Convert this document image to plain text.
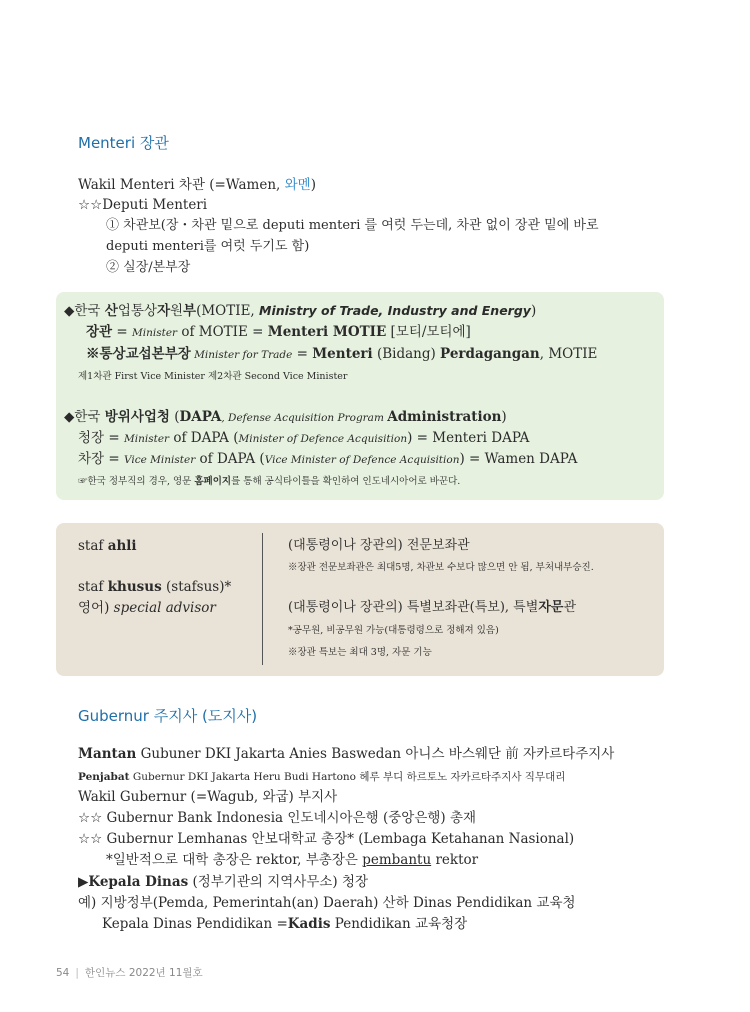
Menteri 장관
Wakil Menteri 차관 (=Wamen, 와멘)
☆☆Deputi Menteri
① 차관보(장・차관 밑으로 deputi menteri 를 여럿 두는데, 차관 없이 장관 밑에 바로
deputi menteri를 여럿 두기도 함)
② 실장/본부장
◆한국 산업통상자원부(MOTIE, Ministry of Trade, Industry and Energy)
장관 = Minister of MOTIE = Menteri MOTIE [모티/모티에]
※통상교섭본부장 Minister for Trade = Menteri (Bidang) Perdagangan, MOTIE
제1차관 First Vice Minister 제2차관 Second Vice Minister
◆한국 방위사업청 (DAPA, Defense Acquisition Program Administration)
청장 = Minister of DAPA (Minister of Defence Acquisition) = Menteri DAPA
차장 = Vice Minister of DAPA (Vice Minister of Defence Acquisition) = Wamen DAPA
☞한국 정부직의 경우, 영문 홈페이지를 통해 공식타이틀을 확인하여 인도네시아어로 바꾼다.
staf ahli
staf khusus (stafsus)*
영어) special advisor
(대통령이나 장관의) 전문보좌관
※장관 전문보좌관은 최대5명, 차관보 수보다 많으면 안 됨, 부처내부승진.
(대통령이나 장관의) 특별보좌관(특보), 특별자문관
*공무원, 비공무원 가능(대통령령으로 정해져 있음)
※장관 특보는 최대 3명, 자문 기능
Gubernur 주지사 (도지사)
Mantan Gubuner DKI Jakarta Anies Baswedan 아니스 바스웨단 前 자카르타주지사
Penjabat Gubernur DKI Jakarta Heru Budi Hartono 헤루 부디 하르토노 자카르타주지사 직무대리
Wakil Gubernur (=Wagub, 와굽) 부지사
☆☆ Gubernur Bank Indonesia 인도네시아은행 (중앙은행) 총재
☆☆ Gubernur Lemhanas 안보대학교 총장* (Lembaga Ketahanan Nasional)
*일반적으로 대학 총장은 rektor, 부총장은 pembantu rektor
▶Kepala Dinas (정부기관의 지역사무소) 청장
예) 지방정부(Pemda, Pemerintah(an) Daerah) 산하 Dinas Pendidikan 교육청
Kepala Dinas Pendidikan =Kadis Pendidikan 교육청장
54 | 한인뉴스 2022년 11월호
